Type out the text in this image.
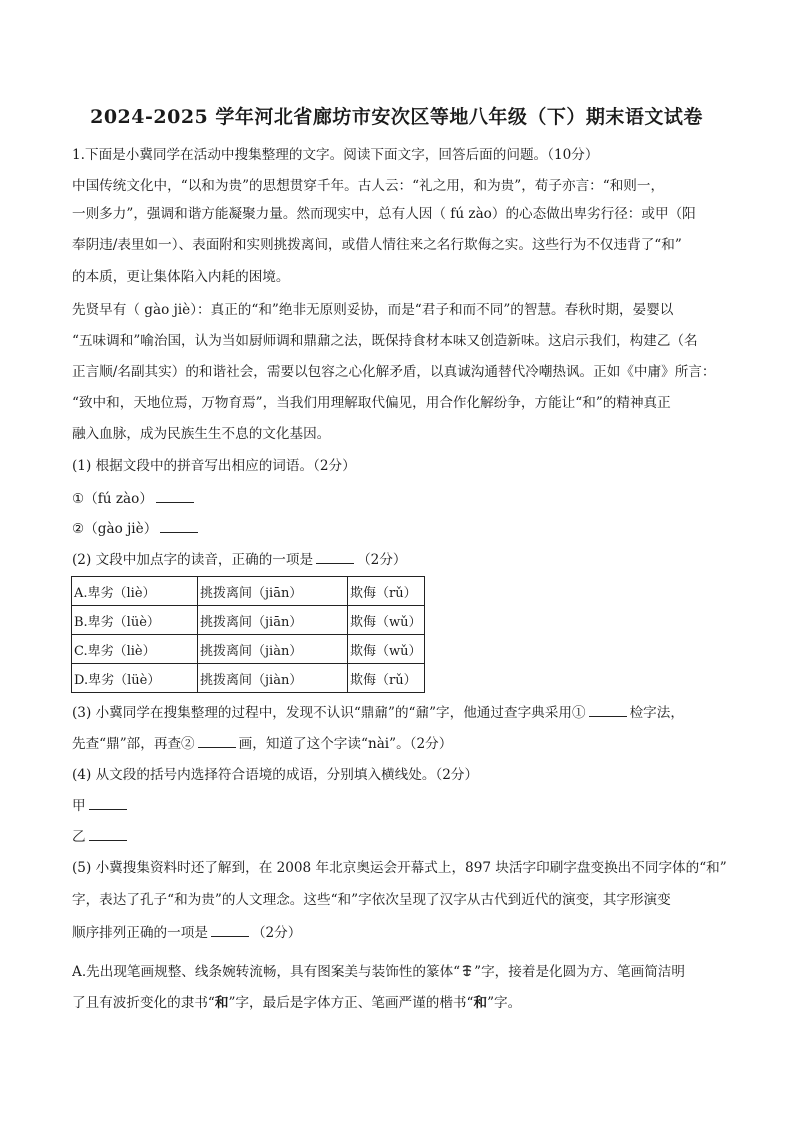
2024-2025 学年河北省廊坊市安次区等地八年级（下）期末语文试卷
1.下面是小冀同学在活动中搜集整理的文字。阅读下面文字，回答后面的问题。（10分）
中国传统文化中，“以和为贵”的思想贯穿千年。古人云：“礼之用，和为贵”，荀子亦言：“和则一，
一则多力”，强调和谐方能凝聚力量。然而现实中，总有人因（ fú zào）的心态做出卑劣行径：或甲（阳
奉阴违/表里如一）、表面附和实则挑拨离间，或借人情往来之名行欺侮之实。这些行为不仅违背了“和”
的本质，更让集体陷入内耗的困境。
先贤早有（ gào jiè）：真正的“和”绝非无原则妥协，而是“君子和而不同”的智慧。春秋时期，晏婴以
“五味调和”喻治国，认为当如厨师调和鼎鼐之法，既保持食材本味又创造新味。这启示我们，构建乙（名
正言顺/名副其实）的和谐社会，需要以包容之心化解矛盾，以真诚沟通替代冷嘲热讽。正如《中庸》所言：
“致中和，天地位焉，万物育焉”，当我们用理解取代偏见，用合作化解纷争，方能让“和”的精神真正
融入血脉，成为民族生生不息的文化基因。
(1) 根据文段中的拼音写出相应的词语。（2分）
①（fú zào）
②（gào jiè）
(2) 文段中加点字的读音，正确的一项是	（2分）
A.卑劣（liè）	挑拨离间（jiān）	欺侮（rǔ）
B.卑劣（lüè）	挑拨离间（jiān）	欺侮（wǔ）
C.卑劣（liè）	挑拨离间（jiàn）	欺侮（wǔ）
D.卑劣（lüè）	挑拨离间（jiàn）	欺侮（rǔ）
(3) 小冀同学在搜集整理的过程中，发现不认识“鼎鼐”的“鼐”字，他通过查字典采用①	检字法，
先查“鼎”部，再查②	画，知道了这个字读“nài”。（2分）
(4) 从文段的括号内选择符合语境的成语，分别填入横线处。（2分）
甲
乙
(5) 小冀搜集资料时还了解到，在 2008 年北京奥运会开幕式上，897 块活字印刷字盘变换出不同字体的“和”
字，表达了孔子“和为贵”的人文理念。这些“和”字依次呈现了汉字从古代到近代的演变，其字形演变
顺序排列正确的一项是	（2分）
A.先出现笔画规整、线条婉转流畅，具有图案美与装饰性的篆体“ ”字，接着是化圆为方、笔画简洁明
了且有波折变化的隶书“和”字，最后是字体方正、笔画严谨的楷书“和”字。
